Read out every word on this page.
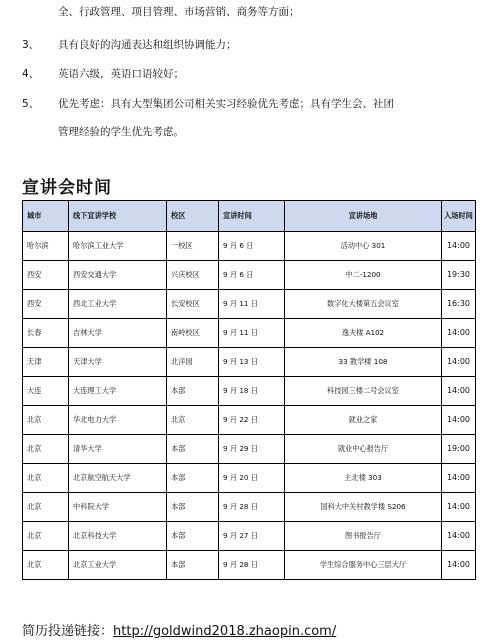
全、行政管理、项目管理、市场营销、商务等方面；
3、 具有良好的沟通表达和组织协调能力；
4、 英语六级，英语口语较好；
5、 优先考虑：具有大型集团公司相关实习经验优先考虑；具有学生会、社团
管理经验的学生优先考虑。
宣讲会时间
城市	线下宣讲学校	校区	宣讲时间	宣讲场地	入场时间
哈尔滨	哈尔滨工业大学	一校区	9 月 6 日	活动中心 301	14:00
西安	西安交通大学	兴庆校区	9 月 6 日	中二-1200	19:30
西安	西北工业大学	长安校区	9 月 11 日	数字化大楼第五会议室	16:30
长春	吉林大学	南岭校区	9 月 11 日	逸夫楼 A102	14:00
天津	天津大学	北洋园	9 月 13 日	33 教学楼 108	14:00
大连	大连理工大学	本部	9 月 18 日	科技园三楼二号会议室	14:00
北京	华北电力大学	北京	9 月 22 日	就业之家	14:00
北京	清华大学	本部	9 月 29 日	就业中心报告厅	19:00
北京	北京航空航天大学	本部	9 月 20 日	主北楼 303	14:00
北京	中科院大学	本部	9 月 28 日	国科大中关村教学楼 S206	14:00
北京	北京科技大学	本部	9 月 27 日	图书报告厅	14:00
北京	北京工业大学	本部	9 月 28 日	学生综合服务中心三层大厅	14:00
简历投递链接：http://goldwind2018.zhaopin.com/
